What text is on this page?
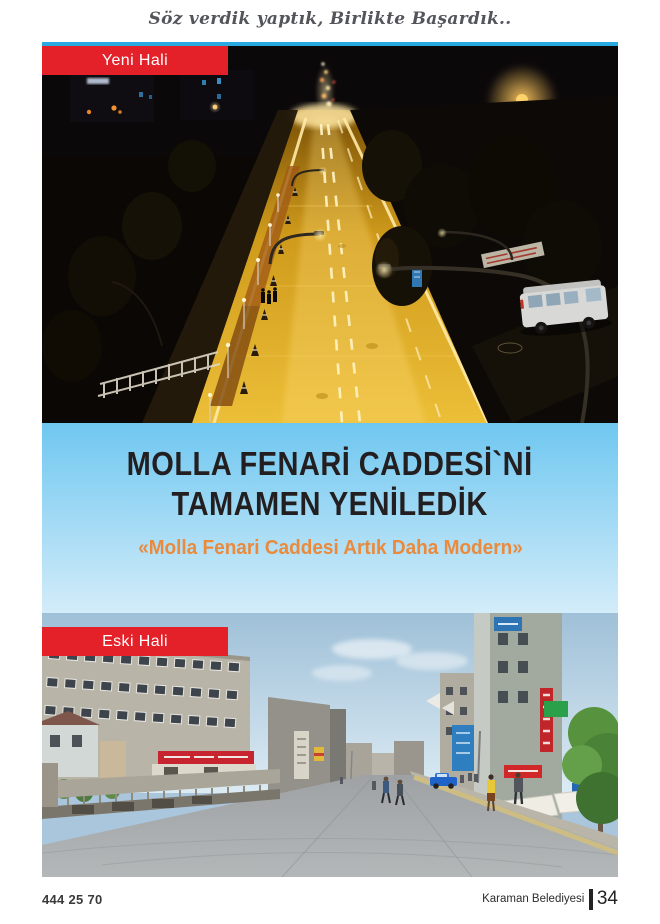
Söz verdik yaptık, Birlikte Başardık..
Yeni Hali
MOLLA FENARİ CADDESİ`Nİ
TAMAMEN YENİLEDİK
«Molla Fenari Caddesi Artık Daha Modern»
Eski Hali
444 25 70	Karaman Belediyesi 34
